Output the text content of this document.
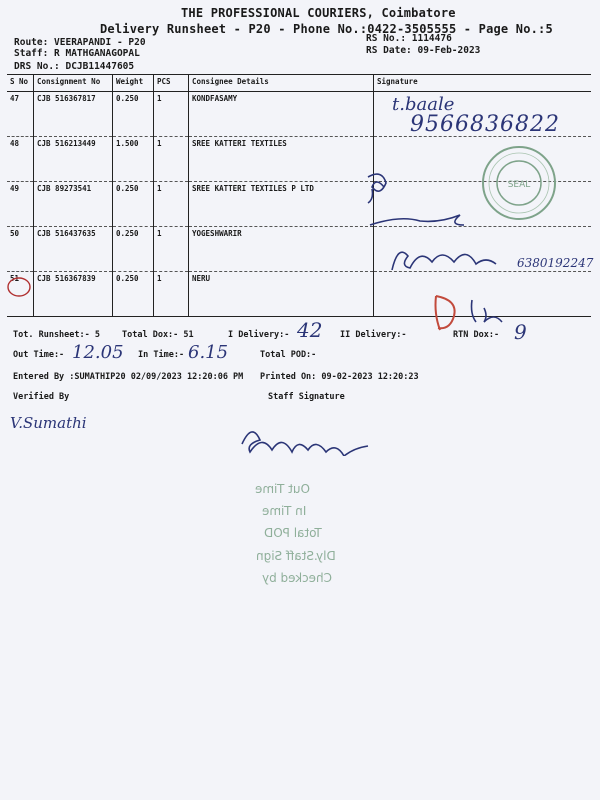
THE PROFESSIONAL COURIERS, Coimbatore
Delivery Runsheet - P20 - Phone No.:0422-3505555 - Page No.:5
Route: VEERAPANDI - P20
Staff: R MATHGANAGOPAL
DRS No.: DCJB11447605
RS No.: 1114476
RS Date: 09-Feb-2023
S No	Consignment No	Weight	PCS	Consignee Details	Signature
47	CJB 516367817	0.250	1	KONDFASAMY	
48	CJB 516213449	1.500	1	SREE KATTERI TEXTILES	
49	CJB 89273541	0.250	1	SREE KATTERI TEXTILES P LTD	
50	CJB 516437635	0.250	1	YOGESHWARIR	
51	CJB 516367839	0.250	1	NERU	
t.baale
9566836822
SEAL
6380192247
Tot. Runsheet:- 5	Total Dox:- 51	I Delivery:- 42 II Delivery:-	RTN Dox:- 9
Out Time:- 12.05 In Time:- 6.15	Total POD:-
Entered By :SUMATHIP20 02/09/2023 12:20:06 PM Printed On: 09-02-2023 12:20:23
Verified By	Staff Signature
V.Sumathi
Out Time
In Time
Total POD
Dly.Staff Sign
Checked by
